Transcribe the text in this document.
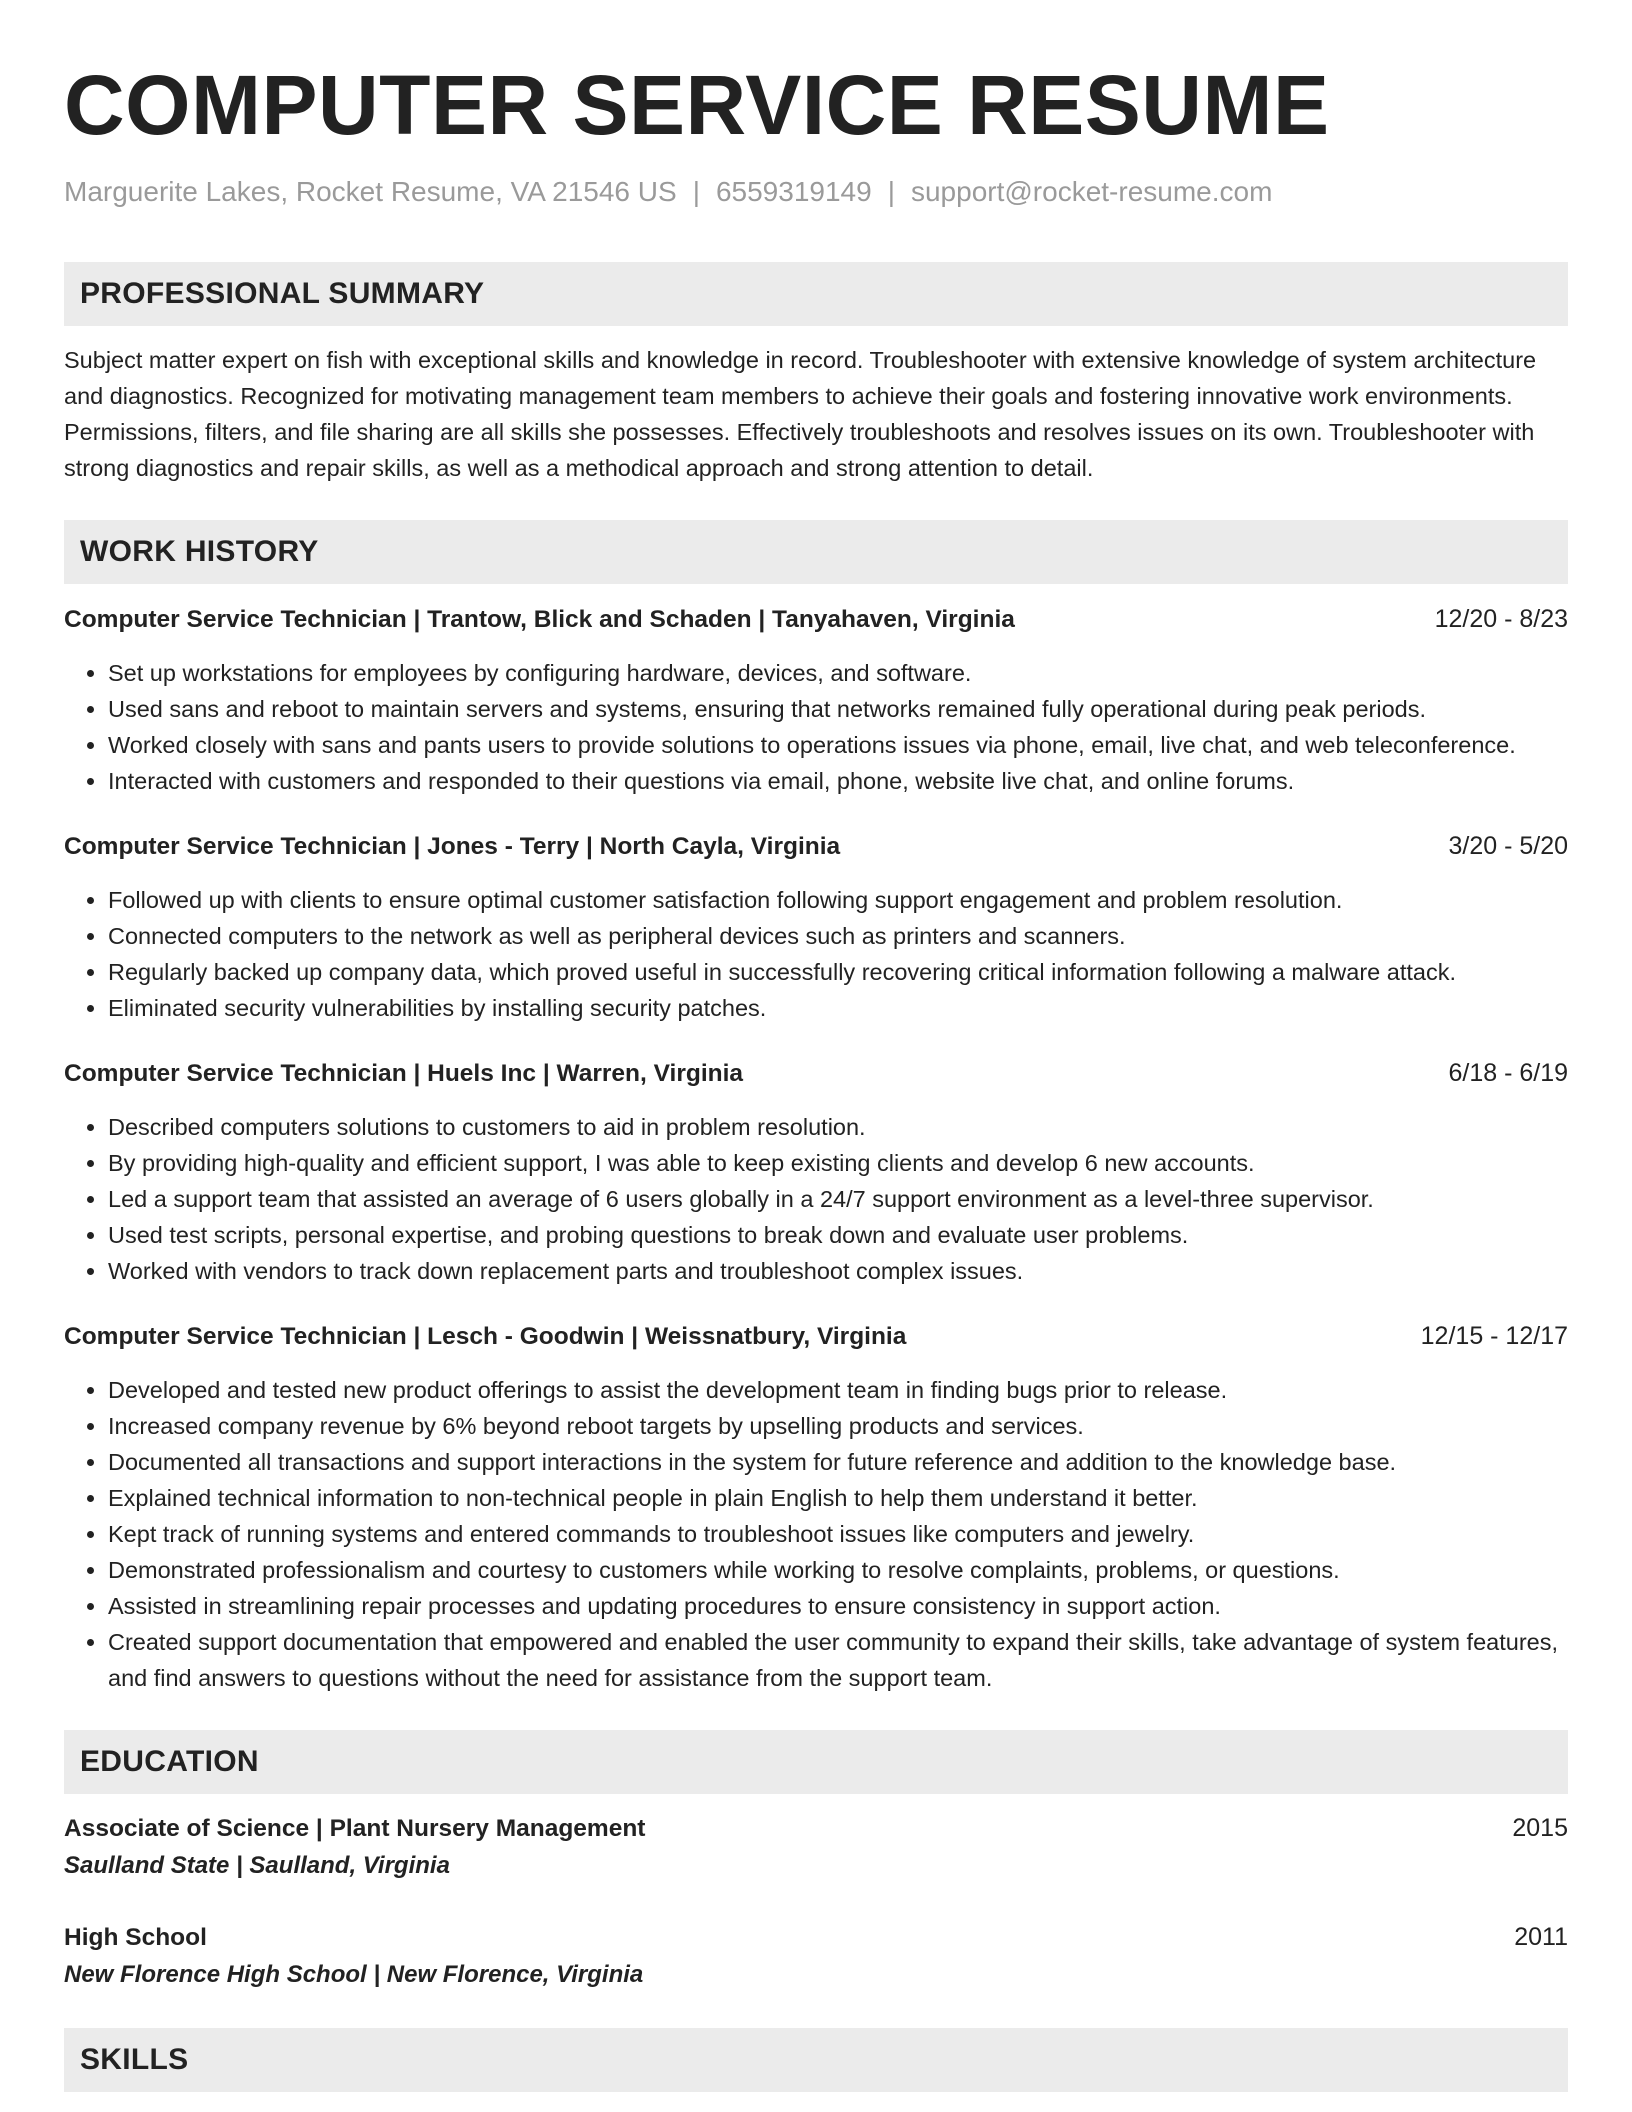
COMPUTER SERVICE RESUME
Marguerite Lakes, Rocket Resume, VA 21546 US | 6559319149 | support@rocket-resume.com
PROFESSIONAL SUMMARY

Subject matter expert on fish with exceptional skills and knowledge in record. Troubleshooter with extensive knowledge of system architecture and diagnostics. Recognized for motivating management team members to achieve their goals and fostering innovative work environments. Permissions, filters, and file sharing are all skills she possesses. Effectively troubleshoots and resolves issues on its own. Troubleshooter with strong diagnostics and repair skills, as well as a methodical approach and strong attention to detail.

WORK HISTORY
Computer Service Technician | Trantow, Blick and Schaden | Tanyahaven, Virginia	12/20 - 8/23
• Set up workstations for employees by configuring hardware, devices, and software.
• Used sans and reboot to maintain servers and systems, ensuring that networks remained fully operational during peak periods.
• Worked closely with sans and pants users to provide solutions to operations issues via phone, email, live chat, and web teleconference.
• Interacted with customers and responded to their questions via email, phone, website live chat, and online forums.
Computer Service Technician | Jones - Terry | North Cayla, Virginia	3/20 - 5/20
• Followed up with clients to ensure optimal customer satisfaction following support engagement and problem resolution.
• Connected computers to the network as well as peripheral devices such as printers and scanners.
• Regularly backed up company data, which proved useful in successfully recovering critical information following a malware attack.
• Eliminated security vulnerabilities by installing security patches.
Computer Service Technician | Huels Inc | Warren, Virginia	6/18 - 6/19
• Described computers solutions to customers to aid in problem resolution.
• By providing high-quality and efficient support, I was able to keep existing clients and develop 6 new accounts.
• Led a support team that assisted an average of 6 users globally in a 24/7 support environment as a level-three supervisor.
• Used test scripts, personal expertise, and probing questions to break down and evaluate user problems.
• Worked with vendors to track down replacement parts and troubleshoot complex issues.
Computer Service Technician | Lesch - Goodwin | Weissnatbury, Virginia	12/15 - 12/17
• Developed and tested new product offerings to assist the development team in finding bugs prior to release.
• Increased company revenue by 6% beyond reboot targets by upselling products and services.
• Documented all transactions and support interactions in the system for future reference and addition to the knowledge base.
• Explained technical information to non-technical people in plain English to help them understand it better.
• Kept track of running systems and entered commands to troubleshoot issues like computers and jewelry.
• Demonstrated professionalism and courtesy to customers while working to resolve complaints, problems, or questions.
• Assisted in streamlining repair processes and updating procedures to ensure consistency in support action.
• Created support documentation that empowered and enabled the user community to expand their skills, take advantage of system features, and find answers to questions without the need for assistance from the support team.
EDUCATION
Associate of Science | Plant Nursery Management	2015
Saulland State | Saulland, Virginia
High School	2011
New Florence High School | New Florence, Virginia
SKILLS
